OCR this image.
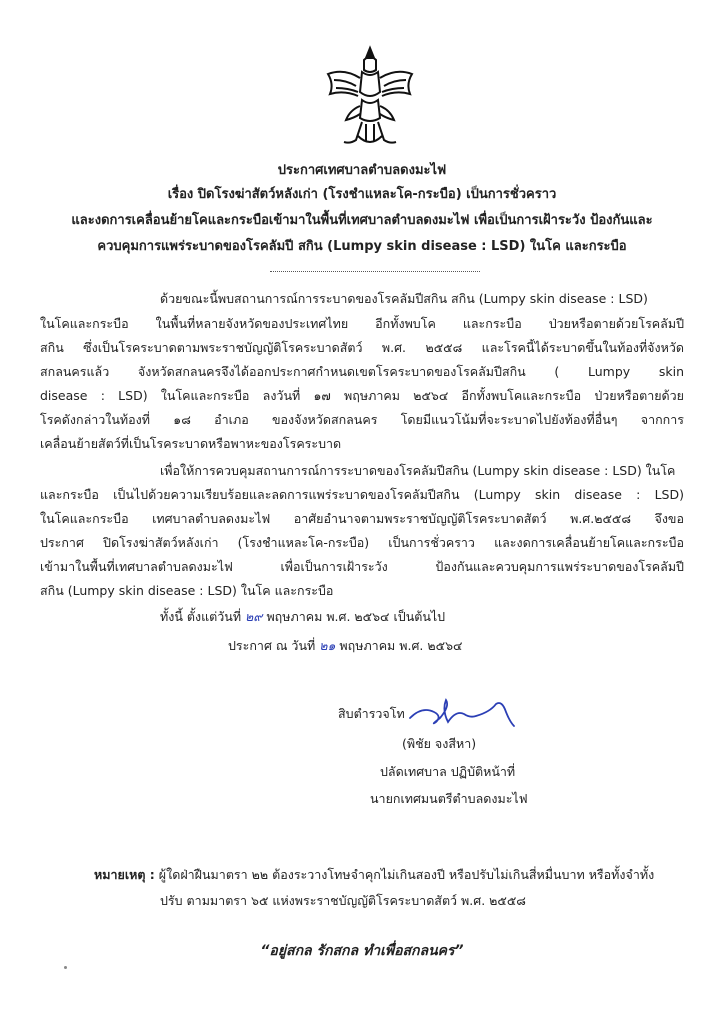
ประกาศเทศบาลตำบลดงมะไฟ
เรื่อง ปิดโรงฆ่าสัตว์หลังเก่า (โรงชำแหละโค-กระบือ) เป็นการชั่วคราว
และงดการเคลื่อนย้ายโคและกระบือเข้ามาในพื้นที่เทศบาลตำบลดงมะไฟ เพื่อเป็นการเฝ้าระวัง ป้องกันและ
ควบคุมการแพร่ระบาดของโรคลัมปี สกิน (Lumpy skin disease : LSD) ในโค และกระบือ
ด้วยขณะนี้พบสถานการณ์การระบาดของโรคลัมปีสกิน สกิน (Lumpy skin disease : LSD)
ในโคและกระบือ ในพื้นที่หลายจังหวัดของประเทศไทย อีกทั้งพบโค และกระบือ ป่วยหรือตายด้วยโรคลัมปี
สกิน ซึ่งเป็นโรคระบาดตามพระราชบัญญัติโรคระบาดสัตว์ พ.ศ. ๒๕๕๘ และโรคนี้ได้ระบาดขึ้นในท้องที่จังหวัด
สกลนครแล้ว จังหวัดสกลนครจึงได้ออกประกาศกำหนดเขตโรคระบาดของโรคลัมปีสกิน ( Lumpy skin
disease : LSD) ในโคและกระบือ ลงวันที่ ๑๗ พฤษภาคม ๒๕๖๔ อีกทั้งพบโคและกระบือ ป่วยหรือตายด้วย
โรคดังกล่าวในท้องที่ ๑๘ อำเภอ ของจังหวัดสกลนคร โดยมีแนวโน้มที่จะระบาดไปยังท้องที่อื่นๆ จากการ
เคลื่อนย้ายสัตว์ที่เป็นโรคระบาดหรือพาหะของโรคระบาด
เพื่อให้การควบคุมสถานการณ์การระบาดของโรคลัมปีสกิน (Lumpy skin disease : LSD) ในโค
และกระบือ เป็นไปด้วยความเรียบร้อยและลดการแพร่ระบาดของโรคลัมปีสกิน (Lumpy skin disease : LSD)
ในโคและกระบือ เทศบาลตำบลดงมะไฟ อาศัยอำนาจตามพระราชบัญญัติโรคระบาดสัตว์ พ.ศ.๒๕๕๘ จึงขอ
ประกาศ ปิดโรงฆ่าสัตว์หลังเก่า (โรงชำแหละโค-กระบือ) เป็นการชั่วคราว และงดการเคลื่อนย้ายโคและกระบือ
เข้ามาในพื้นที่เทศบาลตำบลดงมะไฟ เพื่อเป็นการเฝ้าระวัง ป้องกันและควบคุมการแพร่ระบาดของโรคลัมปี
สกิน (Lumpy skin disease : LSD) ในโค และกระบือ
ทั้งนี้ ตั้งแต่วันที่ ๒๙ พฤษภาคม พ.ศ. ๒๕๖๔ เป็นต้นไป
ประกาศ ณ วันที่ ๒๑ พฤษภาคม พ.ศ. ๒๕๖๔
สิบตำรวจโท
(พิชัย จงสีหา)
ปลัดเทศบาล ปฏิบัติหน้าที่
นายกเทศมนตรีตำบลดงมะไฟ
หมายเหตุ : ผู้ใดฝ่าฝืนมาตรา ๒๒ ต้องระวางโทษจำคุกไม่เกินสองปี หรือปรับไม่เกินสี่หมื่นบาท หรือทั้งจำทั้ง
ปรับ ตามมาตรา ๖๕ แห่งพระราชบัญญัติโรคระบาดสัตว์ พ.ศ. ๒๕๕๘
“อยู่สกล รักสกล ทำเพื่อสกลนคร”
